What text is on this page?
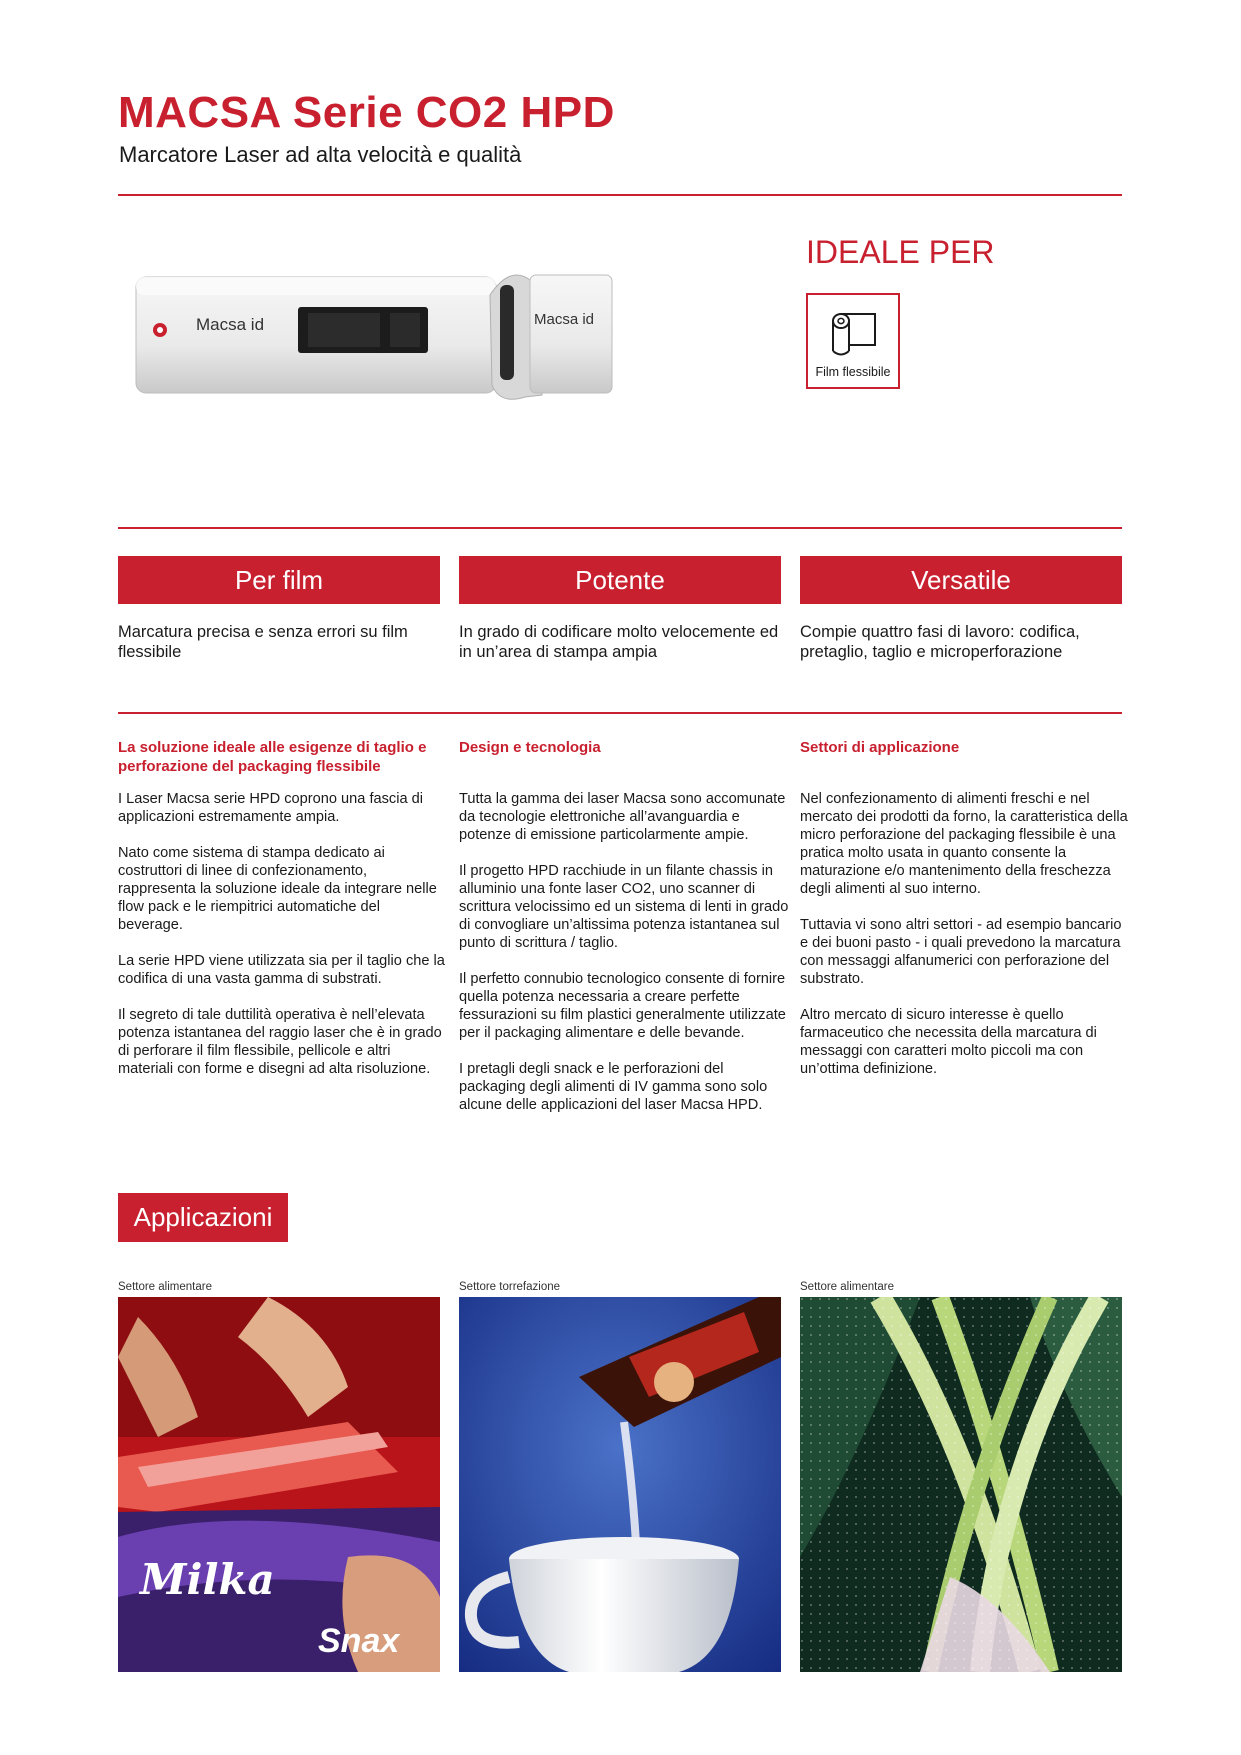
MACSA Serie CO2 HPD
Marcatore Laser ad alta velocità e qualità
Macsa id	Macsa id
IDEALE PER
Film flessibile
Per film	Potente	Versatile
Marcatura precisa e senza errori su film flessibile
In grado di codificare molto velocemente ed in un’area di stampa ampia
Compie quattro fasi di lavoro: codifica, pretaglio, taglio e microperforazione
La soluzione ideale alle esigenze di taglio e perforazione del packaging flessibile

I Laser Macsa serie HPD coprono una fascia di applicazioni estremamente ampia.

Nato come sistema di stampa dedicato ai costruttori di linee di confezionamento, rappresenta la soluzione ideale da integrare nelle flow pack e le riempitrici automatiche del beverage.

La serie HPD viene utilizzata sia per il taglio che la codifica di una vasta gamma di substrati.

Il segreto di tale duttilità operativa è nell’elevata potenza istantanea del raggio laser che è in grado di perforare il film flessibile, pellicole e altri materiali con forme e disegni ad alta risoluzione.

Design e tecnologia

Tutta la gamma dei laser Macsa sono accomunate da tecnologie elettroniche all’avanguardia e potenze di emissione particolarmente ampie.

Il progetto HPD racchiude in un filante chassis in alluminio una fonte laser CO2, uno scanner di scrittura velocissimo ed un sistema di lenti in grado di convogliare un’altissima potenza istantanea sul punto di scrittura / taglio.

Il perfetto connubio tecnologico consente di fornire quella potenza necessaria a creare perfette fessurazioni su film plastici generalmente utilizzate per il packaging alimentare e delle bevande.

I pretagli degli snack e le perforazioni del packaging degli alimenti di IV gamma sono solo alcune delle applicazioni del laser Macsa HPD.

Settori di applicazione

Nel confezionamento di alimenti freschi e nel mercato dei prodotti da forno, la caratteristica della micro perforazione del packaging flessibile è una pratica molto usata in quanto consente la maturazione e/o mantenimento della freschezza degli alimenti al suo interno.

Tuttavia vi sono altri settori - ad esempio bancario e dei buoni pasto - i quali prevedono la marcatura con messaggi alfanumerici con perforazione del substrato.

Altro mercato di sicuro interesse è quello farmaceutico che necessita della marcatura di messaggi con caratteri molto piccoli ma con un’ottima definizione.

Applicazioni
Settore alimentare	Settore torrefazione	Settore alimentare
Milka
Snax
